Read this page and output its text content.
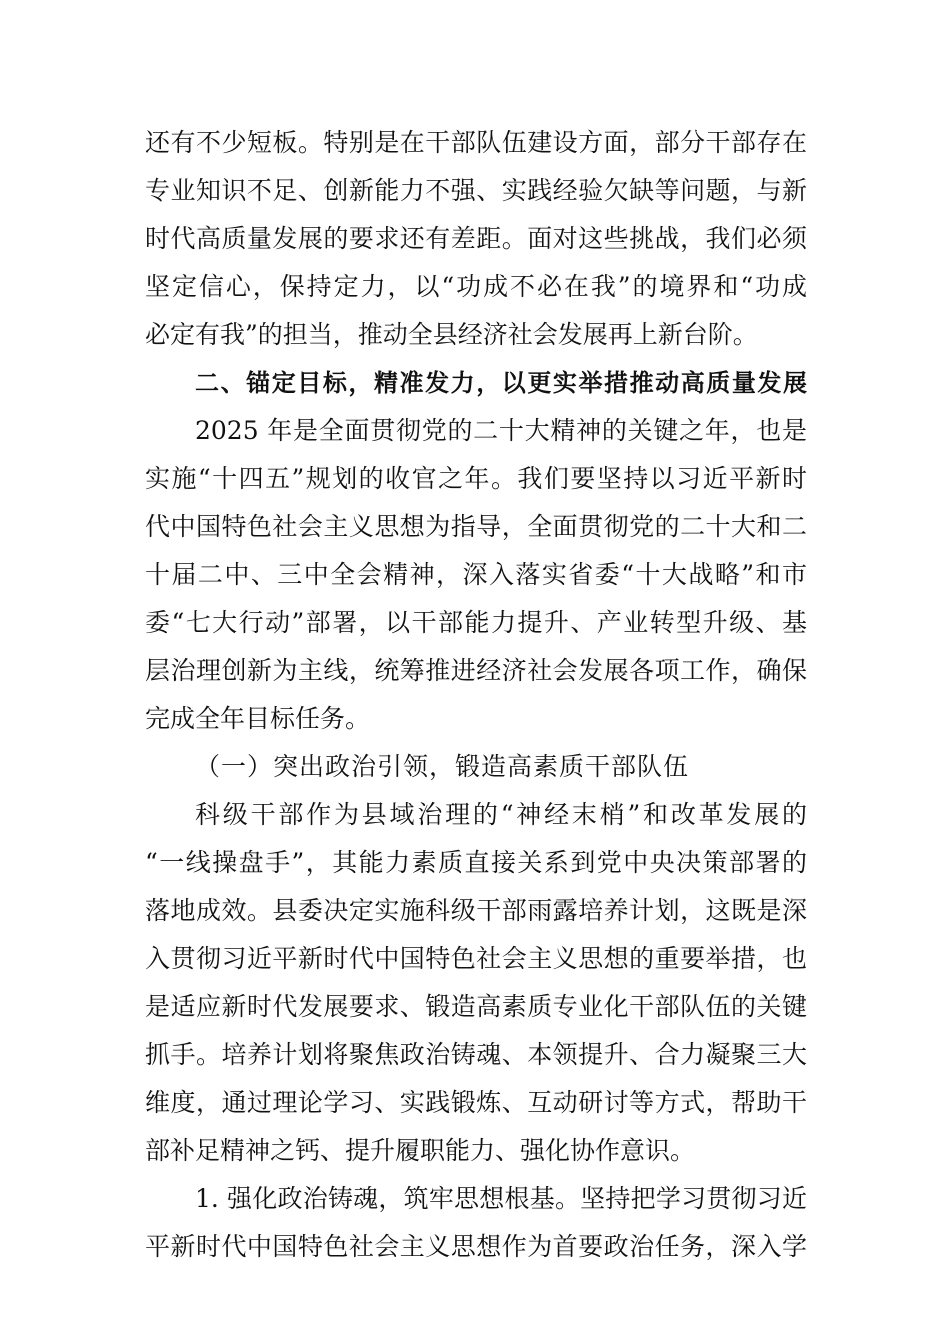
还有不少短板。特别是在干部队伍建设方面，部分干部存在
专业知识不足、创新能力不强、实践经验欠缺等问题，与新
时代高质量发展的要求还有差距。面对这些挑战，我们必须
坚定信心，保持定力，以“功成不必在我”的境界和“功成
必定有我”的担当，推动全县经济社会发展再上新台阶。
二、锚定目标，精准发力，以更实举措推动高质量发展
2025 年是全面贯彻党的二十大精神的关键之年，也是
实施“十四五”规划的收官之年。我们要坚持以习近平新时
代中国特色社会主义思想为指导，全面贯彻党的二十大和二
十届二中、三中全会精神，深入落实省委“十大战略”和市
委“七大行动”部署，以干部能力提升、产业转型升级、基
层治理创新为主线，统筹推进经济社会发展各项工作，确保
完成全年目标任务。
（一）突出政治引领，锻造高素质干部队伍
科级干部作为县域治理的“神经末梢”和改革发展的
“一线操盘手”，其能力素质直接关系到党中央决策部署的
落地成效。县委决定实施科级干部雨露培养计划，这既是深
入贯彻习近平新时代中国特色社会主义思想的重要举措，也
是适应新时代发展要求、锻造高素质专业化干部队伍的关键
抓手。培养计划将聚焦政治铸魂、本领提升、合力凝聚三大
维度，通过理论学习、实践锻炼、互动研讨等方式，帮助干
部补足精神之钙、提升履职能力、强化协作意识。
1. 强化政治铸魂，筑牢思想根基。坚持把学习贯彻习近
平新时代中国特色社会主义思想作为首要政治任务，深入学
